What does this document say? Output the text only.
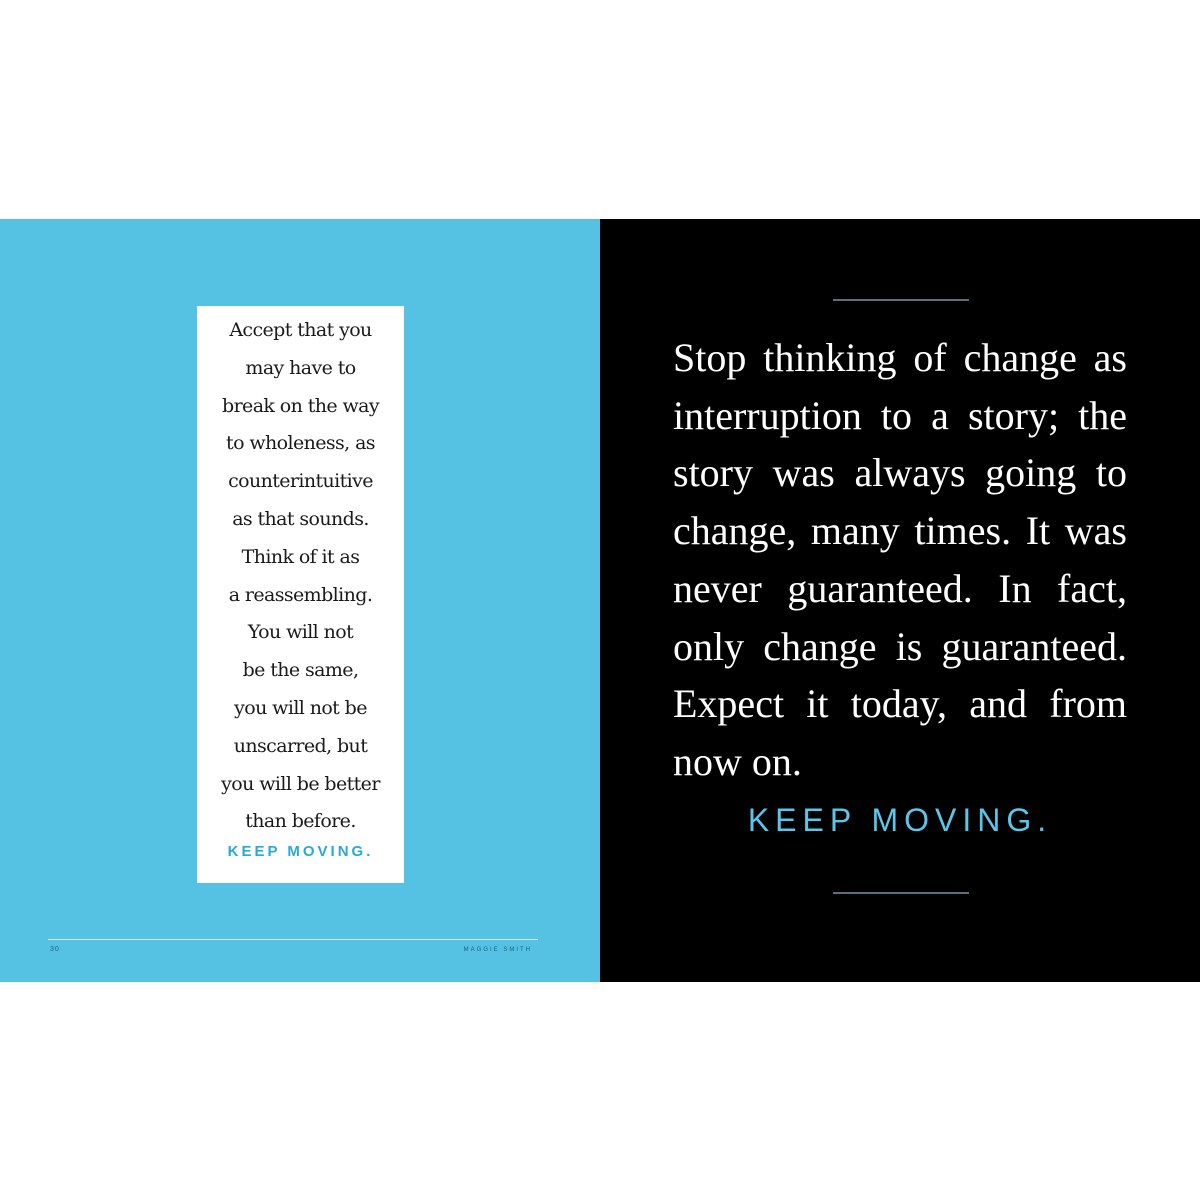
Accept that you
may have to
break on the way
to wholeness, as
counterintuitive
as that sounds.
Think of it as
a reassembling.
You will not
be the same,
you will not be
unscarred, but
you will be better
than before.
KEEP MOVING.
30	MAGGIE SMITH
Stop thinking of change as
interruption to a story; the
story was always going to
change, many times. It was
never guaranteed. In fact,
only change is guaranteed.
Expect it today, and from
now on.
KEEP MOVING.
